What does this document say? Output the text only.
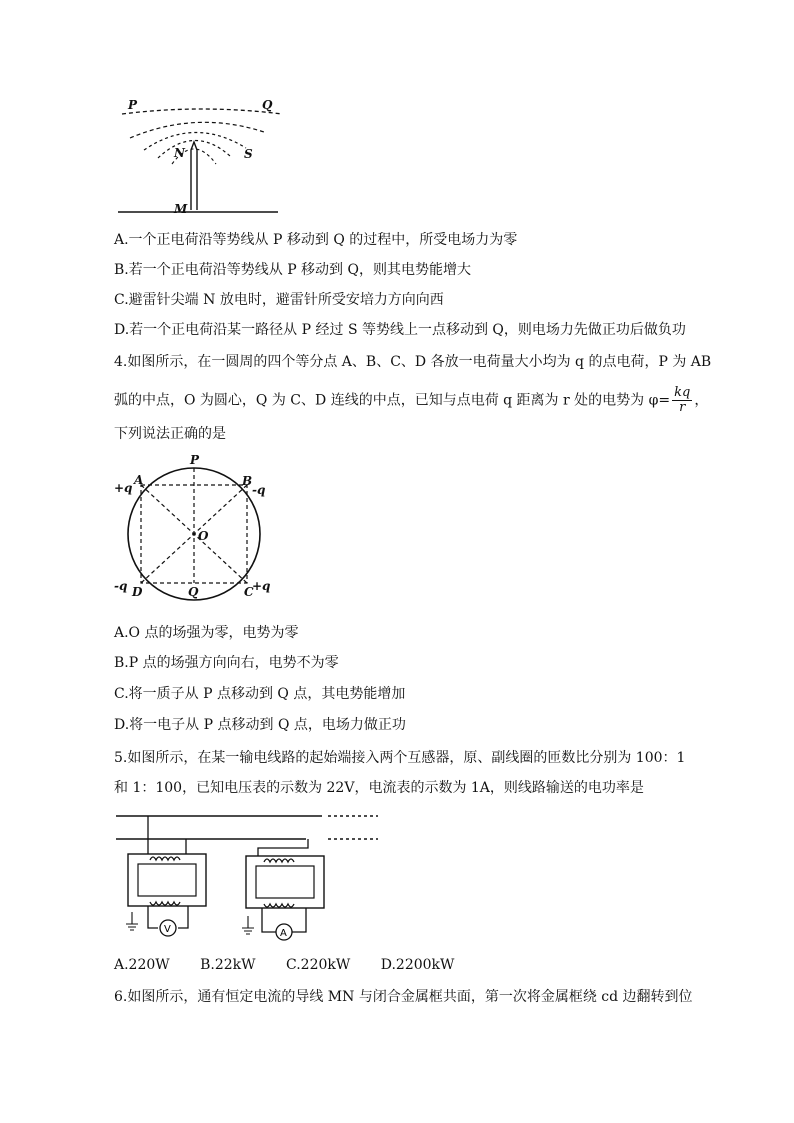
P	Q
N	S
M
A.一个正电荷沿等势线从 P 移动到 Q 的过程中，所受电场力为零
B.若一个正电荷沿等势线从 P 移动到 Q，则其电势能增大
C.避雷针尖端 N 放电时，避雷针所受安培力方向向西
D.若一个正电荷沿某一路径从 P 经过 S 等势线上一点移动到 Q，则电场力先做正功后做负功
4.如图所示，在一圆周的四个等分点 A、B、C、D 各放一电荷量大小均为 q 的点电荷，P 为 AB
弧的中点，O 为圆心，Q 为 C、D 连线的中点，已知与点电荷 q 距离为 r 处的电势为 $\varphi= \frac{kq}{r}$ ，
下列说法正确的是
P
A	B
C
D
O
Q
+q	-q
+q
-q
A.O 点的场强为零，电势为零
B.P 点的场强方向向右，电势不为零
C.将一质子从 P 点移动到 Q 点，其电势能增加
D.将一电子从 P 点移动到 Q 点，电场力做正功
5.如图所示，在某一输电线路的起始端接入两个互感器，原、副线圈的匝数比分别为 100：1
和 1：100，已知电压表的示数为 22V，电流表的示数为 1A，则线路输送的电功率是
V	A
A.220W B.22kW C.220kW D.2200kW
6.如图所示，通有恒定电流的导线 MN 与闭合金属框共面，第一次将金属框绕 cd 边翻转到位
